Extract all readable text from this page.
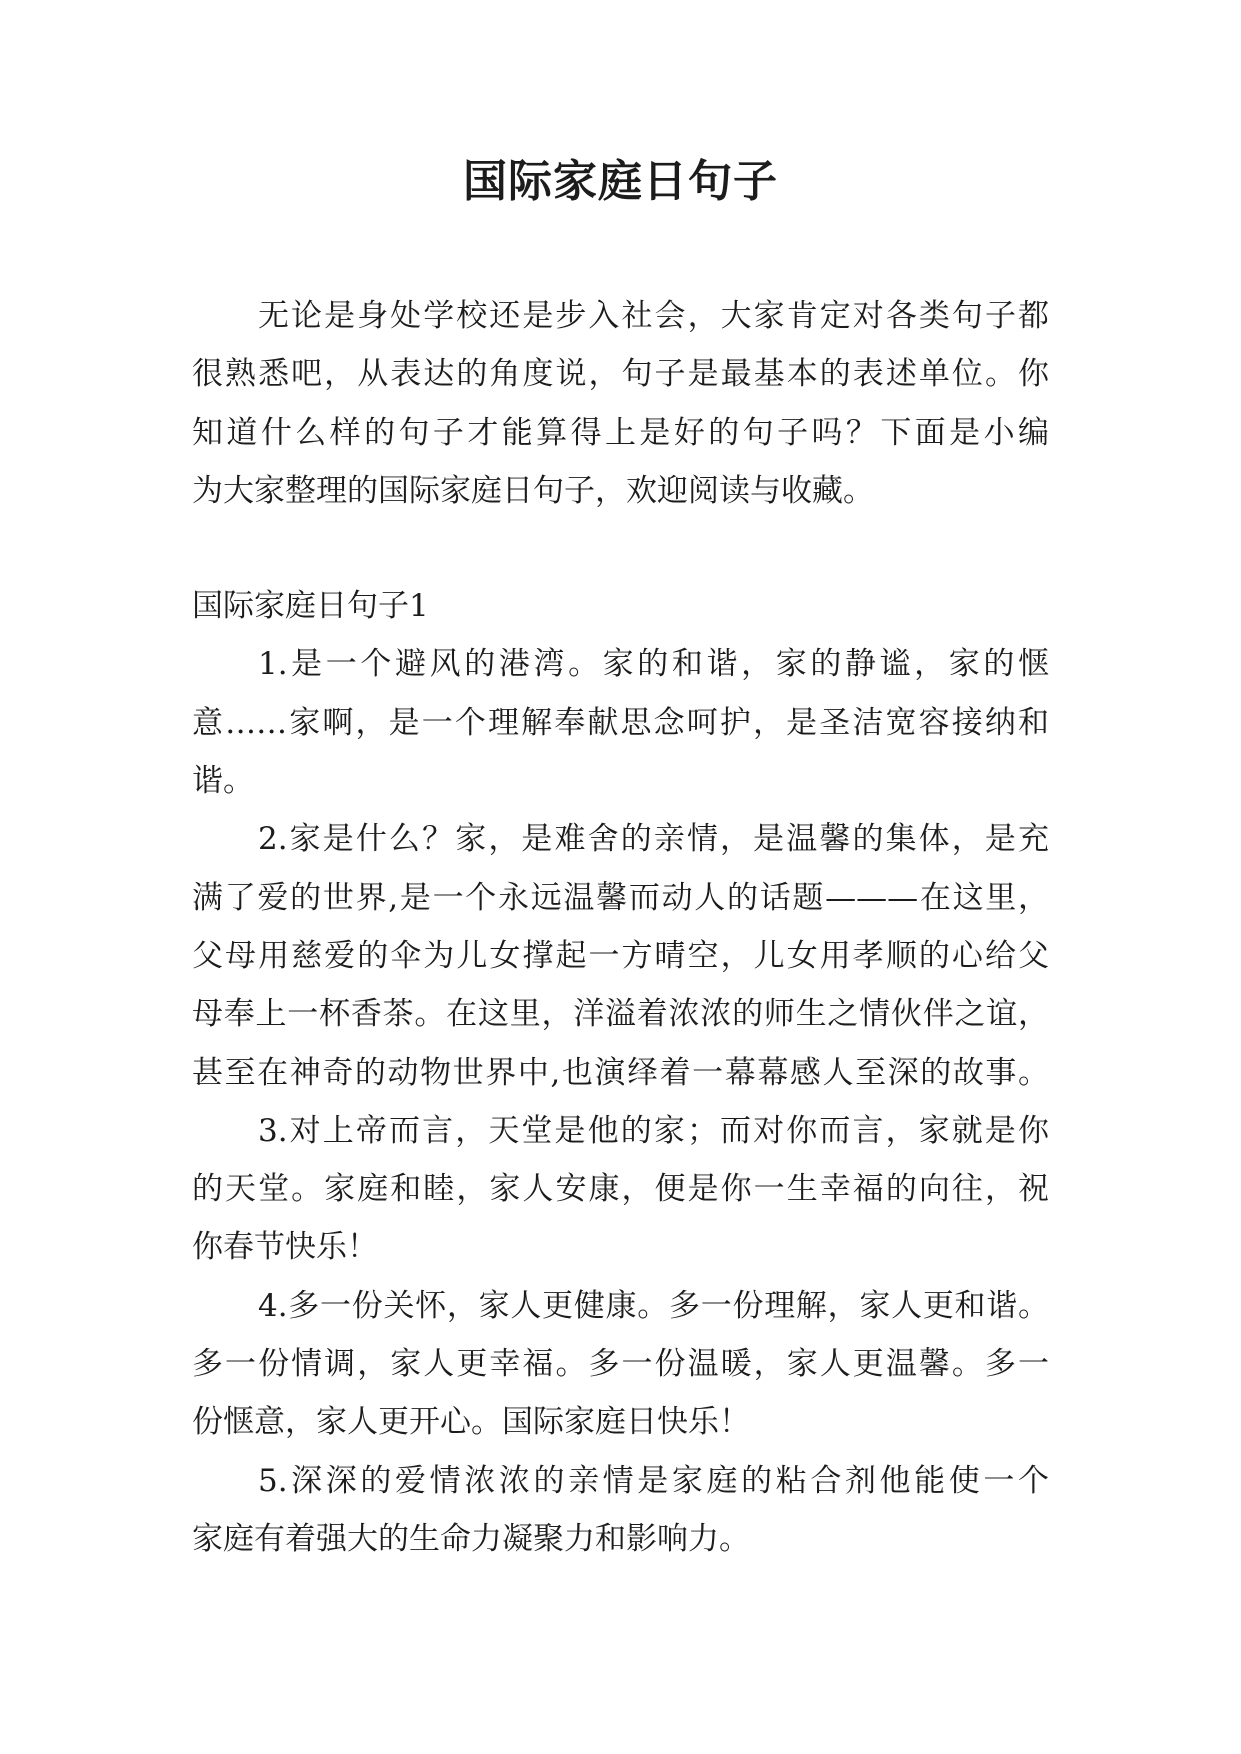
国际家庭日句子
无论是身处学校还是步入社会，大家肯定对各类句子都
很熟悉吧，从表达的角度说，句子是最基本的表述单位。你
知道什么样的句子才能算得上是好的句子吗？下面是小编
为大家整理的国际家庭日句子，欢迎阅读与收藏。
国际家庭日句子1
1.是一个避风的港湾。家的和谐，家的静谧，家的惬
意……家啊，是一个理解奉献思念呵护，是圣洁宽容接纳和
谐。
2.家是什么？家，是难舍的亲情，是温馨的集体，是充
满了爱的世界,是一个永远温馨而动人的话题———在这里，
父母用慈爱的伞为儿女撑起一方晴空，儿女用孝顺的心给父
母奉上一杯香茶。在这里，洋溢着浓浓的师生之情伙伴之谊，
甚至在神奇的动物世界中,也演绎着一幕幕感人至深的故事。
3.对上帝而言，天堂是他的家；而对你而言，家就是你
的天堂。家庭和睦，家人安康，便是你一生幸福的向往，祝
你春节快乐！
4.多一份关怀，家人更健康。多一份理解，家人更和谐。
多一份情调，家人更幸福。多一份温暖，家人更温馨。多一
份惬意，家人更开心。国际家庭日快乐！
5.深深的爱情浓浓的亲情是家庭的粘合剂他能使一个
家庭有着强大的生命力凝聚力和影响力。
